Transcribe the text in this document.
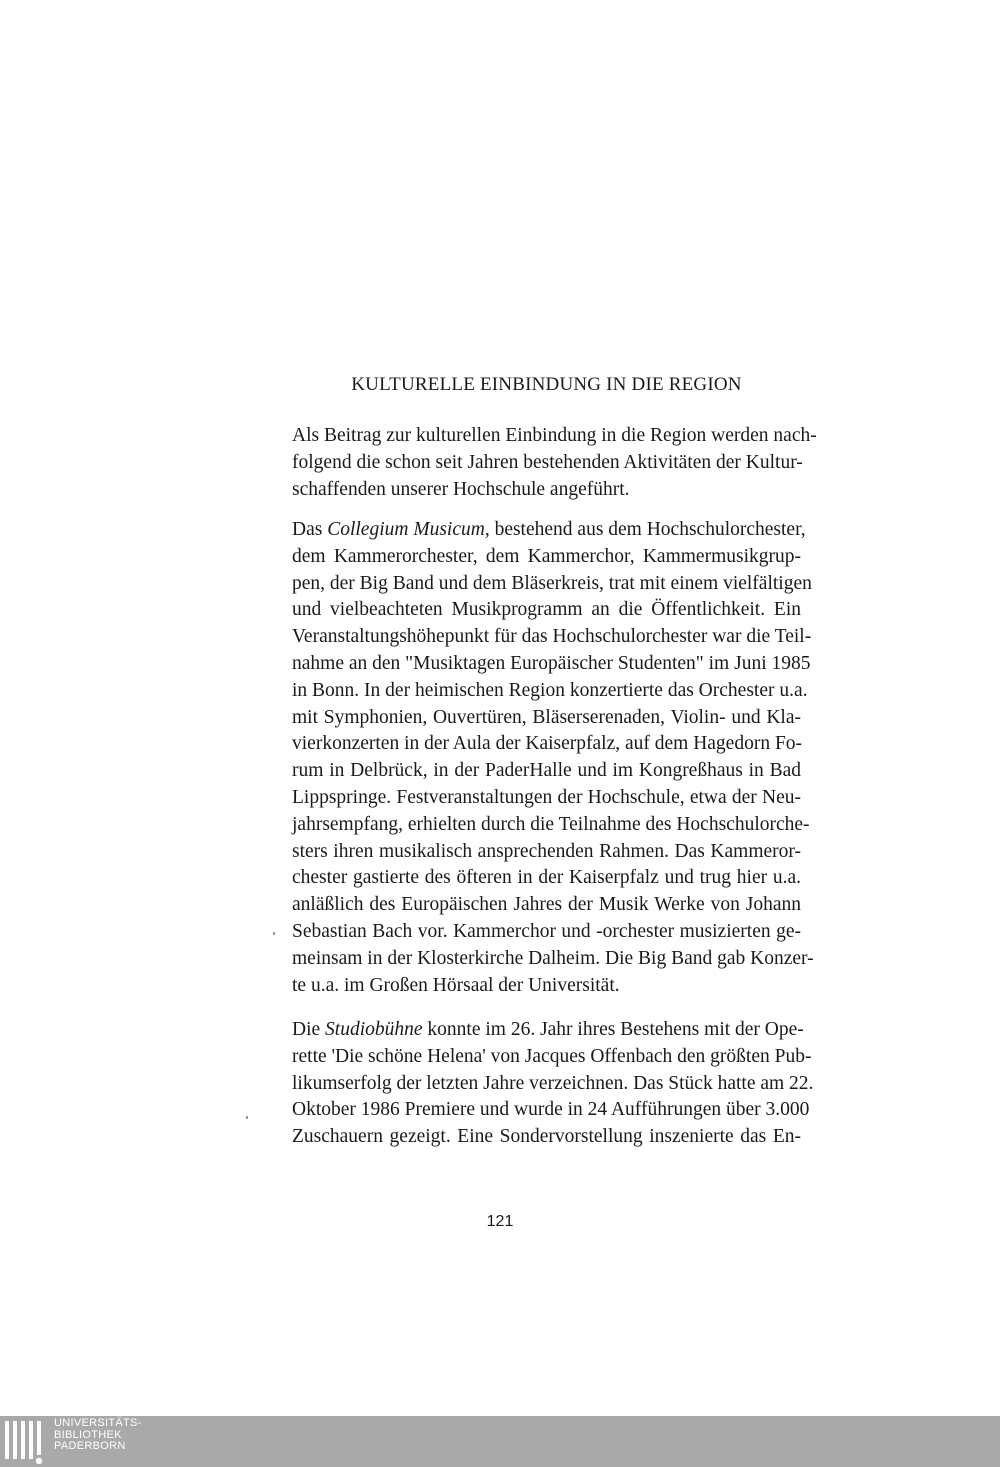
KULTURELLE EINBINDUNG IN DIE REGION

Als Beitrag zur kulturellen Einbindung in die Region werden nach-
folgend die schon seit Jahren bestehenden Aktivitäten der Kultur-
schaffenden unserer Hochschule angeführt.

Das Collegium Musicum, bestehend aus dem Hochschulorchester,
dem Kammerorchester, dem Kammerchor, Kammermusikgrup-
pen, der Big Band und dem Bläserkreis, trat mit einem vielfältigen
und vielbeachteten Musikprogramm an die Öffentlichkeit. Ein
Veranstaltungshöhepunkt für das Hochschulorchester war die Teil-
nahme an den "Musiktagen Europäischer Studenten" im Juni 1985
in Bonn. In der heimischen Region konzertierte das Orchester u.a.
mit Symphonien, Ouvertüren, Bläserserenaden, Violin- und Kla-
vierkonzerten in der Aula der Kaiserpfalz, auf dem Hagedorn Fo-
rum in Delbrück, in der PaderHalle und im Kongreßhaus in Bad
Lippspringe. Festveranstaltungen der Hochschule, etwa der Neu-
jahrsempfang, erhielten durch die Teilnahme des Hochschulorche-
sters ihren musikalisch ansprechenden Rahmen. Das Kammeror-
chester gastierte des öfteren in der Kaiserpfalz und trug hier u.a.
anläßlich des Europäischen Jahres der Musik Werke von Johann
Sebastian Bach vor. Kammerchor und -orchester musizierten ge-
meinsam in der Klosterkirche Dalheim. Die Big Band gab Konzer-
te u.a. im Großen Hörsaal der Universität.

Die Studiobühne konnte im 26. Jahr ihres Bestehens mit der Ope-
rette 'Die schöne Helena' von Jacques Offenbach den größten Pub-
likumserfolg der letzten Jahre verzeichnen. Das Stück hatte am 22.
Oktober 1986 Premiere und wurde in 24 Aufführungen über 3.000
Zuschauern gezeigt. Eine Sondervorstellung inszenierte das En-

121
UNIVERSITÄTS-
BIBLIOTHEK
PADERBORN
